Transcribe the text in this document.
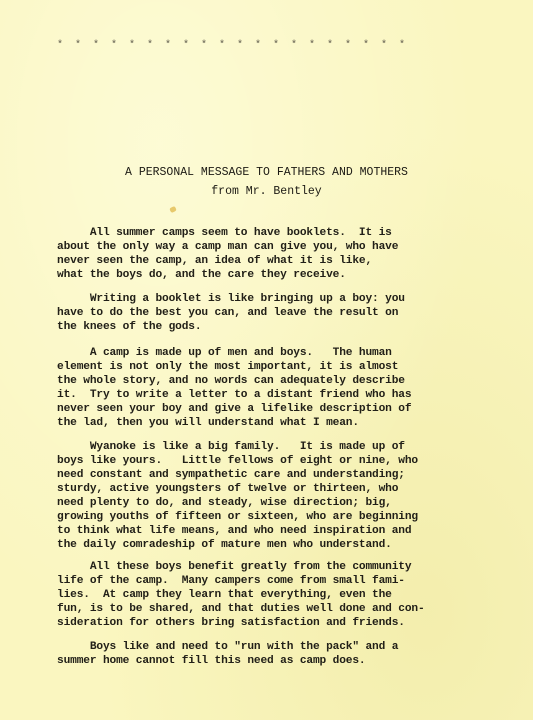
*  *  *  *  *  *  *  *  *  *  *  *  *  *  *  *  *  *  *  *
A PERSONAL MESSAGE TO FATHERS AND MOTHERS
from Mr. Bentley
All summer camps seem to have booklets.  It is
about the only way a camp man can give you, who have
never seen the camp, an idea of what it is like,
what the boys do, and the care they receive.
Writing a booklet is like bringing up a boy: you
have to do the best you can, and leave the result on
the knees of the gods.
A camp is made up of men and boys.   The human
element is not only the most important, it is almost
the whole story, and no words can adequately describe
it.  Try to write a letter to a distant friend who has
never seen your boy and give a lifelike description of
the lad, then you will understand what I mean.
Wyanoke is like a big family.   It is made up of
boys like yours.   Little fellows of eight or nine, who
need constant and sympathetic care and understanding;
sturdy, active youngsters of twelve or thirteen, who
need plenty to do, and steady, wise direction; big,
growing youths of fifteen or sixteen, who are beginning
to think what life means, and who need inspiration and
the daily comradeship of mature men who understand.
All these boys benefit greatly from the community
life of the camp.  Many campers come from small fami-
lies.  At camp they learn that everything, even the
fun, is to be shared, and that duties well done and con-
sideration for others bring satisfaction and friends.
Boys like and need to "run with the pack" and a
summer home cannot fill this need as camp does.
